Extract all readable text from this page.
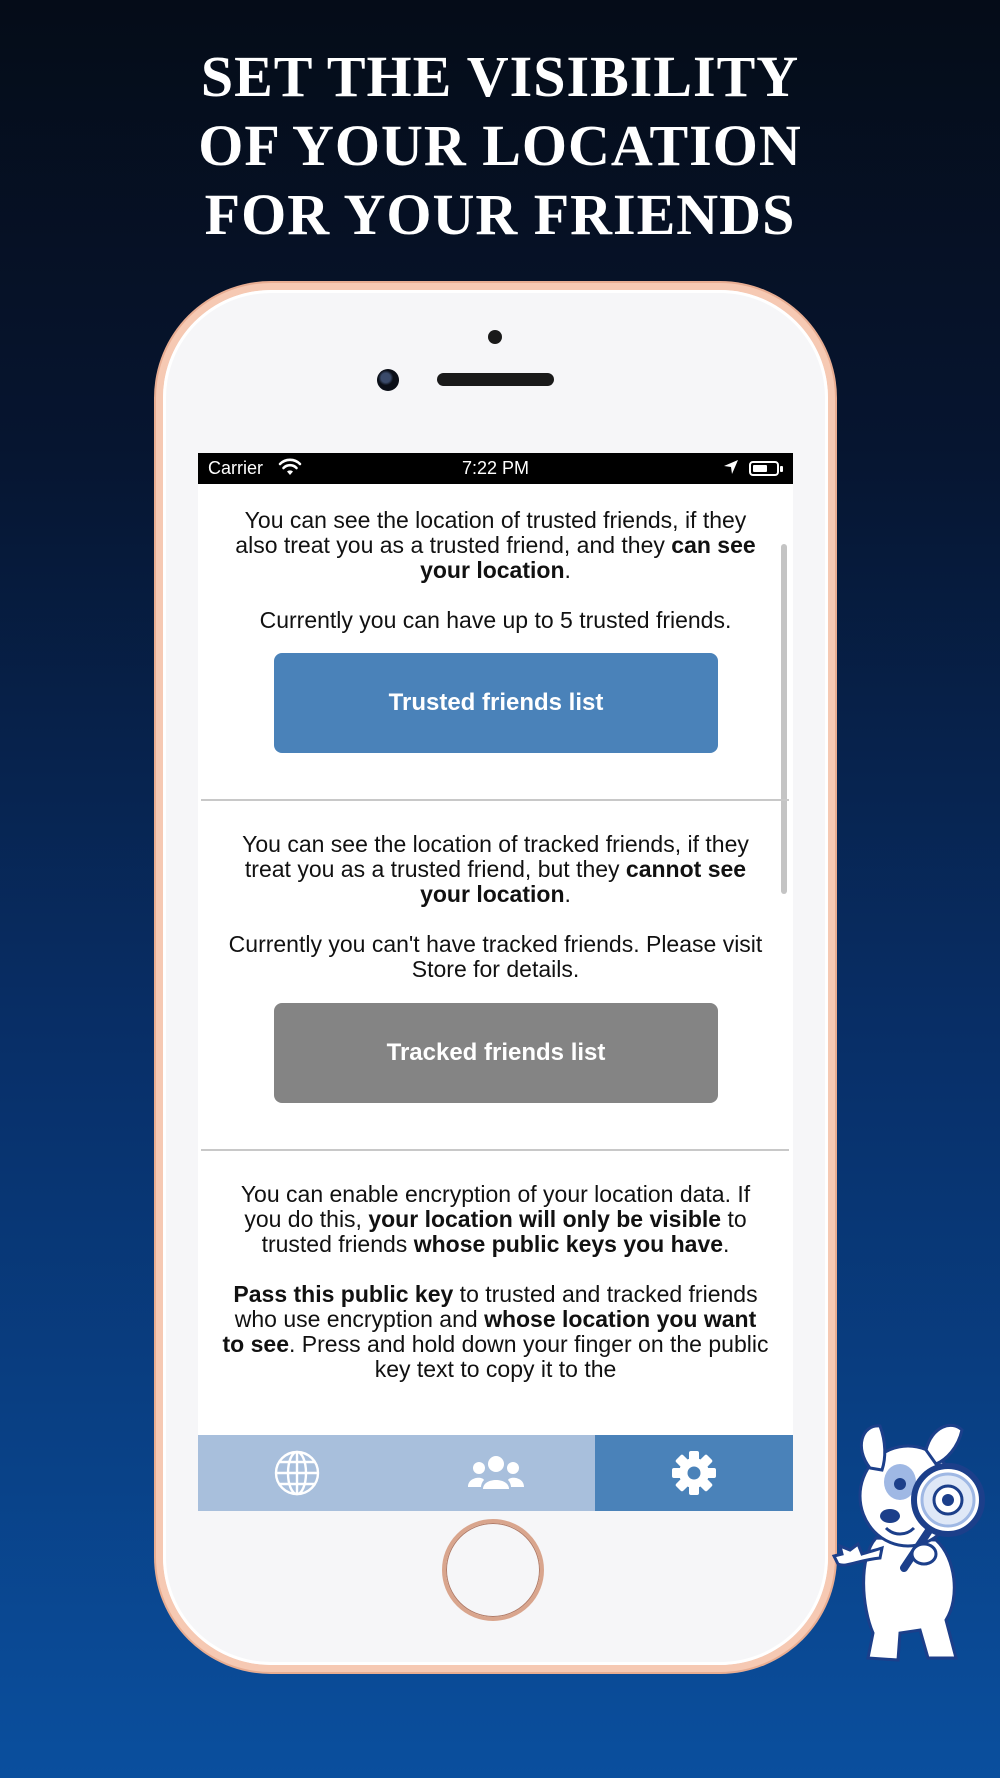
SET THE VISIBILITY
OF YOUR LOCATION
FOR YOUR FRIENDS
Carrier	7:22 PM

You can see the location of trusted friends, if they also treat you as a trusted friend, and they can see your location.

Currently you can have up to 5 trusted friends.

Trusted friends list

You can see the location of tracked friends, if they treat you as a trusted friend, but they cannot see your location.

Currently you can't have tracked friends. Please visit Store for details.

Tracked friends list

You can enable encryption of your location data. If you do this, your location will only be visible to trusted friends whose public keys you have.

Pass this public key to trusted and tracked friends who use encryption and whose location you want to see. Press and hold down your finger on the public key text to copy it to the
